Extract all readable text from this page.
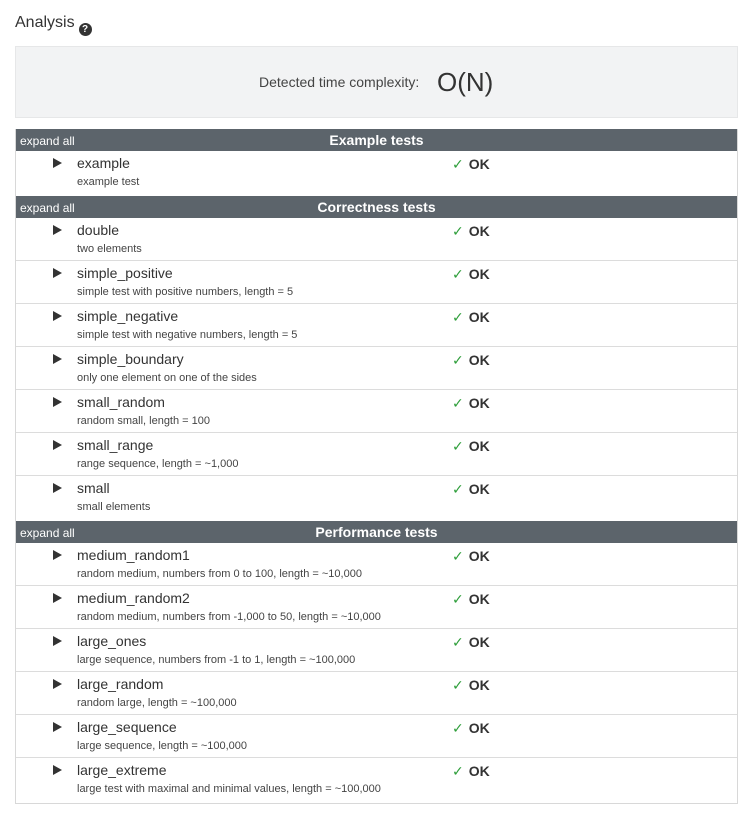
Analysis ?
Detected time complexity: O(N)
expand all	Example tests
example
example test
✓ OK
expand all	Correctness tests
double
two elements
✓ OK
simple_positive
simple test with positive numbers, length = 5
✓ OK
simple_negative
simple test with negative numbers, length = 5
✓ OK
simple_boundary
only one element on one of the sides
✓ OK
small_random
random small, length = 100
✓ OK
small_range
range sequence, length = ~1,000
✓ OK
small
small elements
✓ OK
expand all	Performance tests
medium_random1
random medium, numbers from 0 to 100, length = ~10,000
✓ OK
medium_random2
random medium, numbers from -1,000 to 50, length = ~10,000
✓ OK
large_ones
large sequence, numbers from -1 to 1, length = ~100,000
✓ OK
large_random
random large, length = ~100,000
✓ OK
large_sequence
large sequence, length = ~100,000
✓ OK
large_extreme
large test with maximal and minimal values, length = ~100,000
✓ OK
